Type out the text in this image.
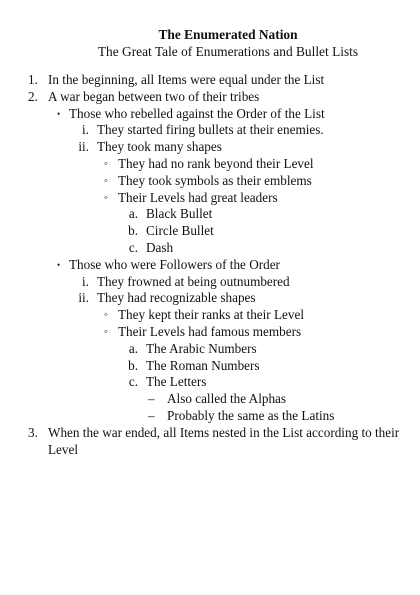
The Enumerated Nation

The Great Tale of Enumerations and Bullet Lists

1. In the beginning, all Items were equal under the List
2. A war began between two of their tribes
• Those who rebelled against the Order of the List
i. They started firing bullets at their enemies.
ii. They took many shapes
◦ They had no rank beyond their Level
◦ They took symbols as their emblems
◦ Their Levels had great leaders
a. Black Bullet
b. Circle Bullet
c. Dash
• Those who were Followers of the Order
i. They frowned at being outnumbered
ii. They had recognizable shapes
◦ They kept their ranks at their Level
◦ Their Levels had famous members
a. The Arabic Numbers
b. The Roman Numbers
c. The Letters
– Also called the Alphas
– Probably the same as the Latins
3. When the war ended, all Items nested in the List according to their Level
